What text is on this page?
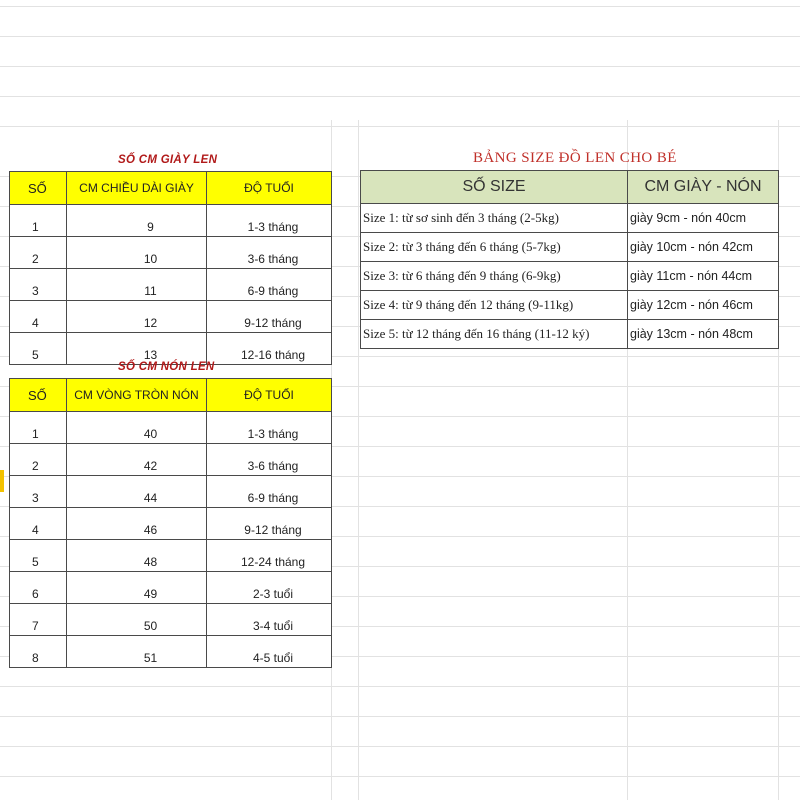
SỐ CM GIÀY LEN
SỐ	CM CHIỀU DÀI GIÀY	ĐỘ TUỔI
1	9	1-3 tháng
2	10	3-6 tháng
3	11	6-9 tháng
4	12	9-12 tháng
5	13	12-16 tháng
SỐ CM NÓN LEN
SỐ	CM VÒNG TRÒN NÓN	ĐỘ TUỔI
1	40	1-3 tháng
2	42	3-6 tháng
3	44	6-9 tháng
4	46	9-12 tháng
5	48	12-24 tháng
6	49	2-3 tuổi
7	50	3-4 tuổi
8	51	4-5 tuổi
BẢNG SIZE ĐỒ LEN CHO BÉ
SỐ SIZE	CM GIÀY - NÓN
Size 1: từ sơ sinh đến 3 tháng (2-5kg)	giày 9cm - nón 40cm
Size 2: từ 3 tháng đến 6 tháng (5-7kg)	giày 10cm - nón 42cm
Size 3: từ 6 tháng đến 9 tháng (6-9kg)	giày 11cm - nón 44cm
Size 4: từ 9 tháng đến 12 tháng (9-11kg)	giày 12cm - nón 46cm
Size 5: từ 12 tháng đến 16 tháng (11-12 ký)	giày 13cm - nón 48cm
